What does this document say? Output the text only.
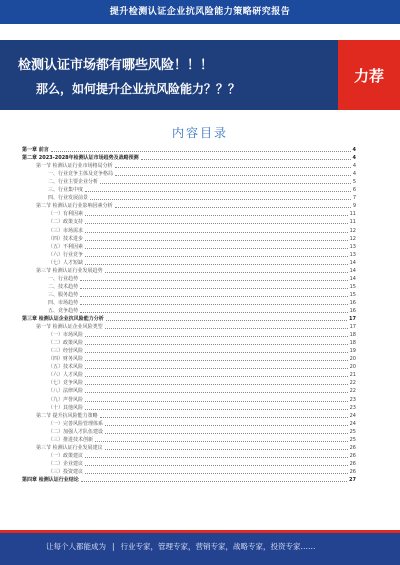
提升检测认证企业抗风险能力策略研究报告
检测认证市场都有哪些风险！！！
那么，如何提升企业抗风险能力？？？
力荐
内容目录
第一章 前言	4
第二章 2023-2028年检测认证市场趋势及战略预测	4
第一节 检测认证行业市场格局分析	4
一、行业竞争主体及竞争格局	4
二、行业主要企业分析	5
三、行业集中度	6
四、行业发展前景	7
第二节 检测认证行业影响因素分析	9
（一）有利因素	11
（二）政策支持	11
（三）市场需求	12
（四）技术进步	12
（五）不利因素	13
（六）行业竞争	13
（七）人才短缺	14
第三节 检测认证行业发展趋势	14
一、行业趋势	14
二、技术趋势	15
三、服务趋势	15
四、市场趋势	16
五、竞争趋势	16
第三章 检测认证企业抗风险能力分析	17
第一节 检测认证企业风险类型	17
（一）市场风险	18
（二）政策风险	18
（三）经营风险	19
（四）财务风险	20
（五）技术风险	20
（六）人才风险	21
（七）竞争风险	22
（八）法律风险	22
（九）声誉风险	23
（十）其他风险	23
第二节 提升抗风险能力策略	24
（一）完善风险管理体系	24
（二）加强人才队伍建设	25
（三）推进技术创新	25
第三节 检测认证行业发展建议	26
（一）政策建议	26
（二）企业建议	26
（三）投资建议	26
第四章 检测认证行业结论	27
让每个人都能成为 | 行业专家，管理专家，营销专家，战略专家，投资专家……
